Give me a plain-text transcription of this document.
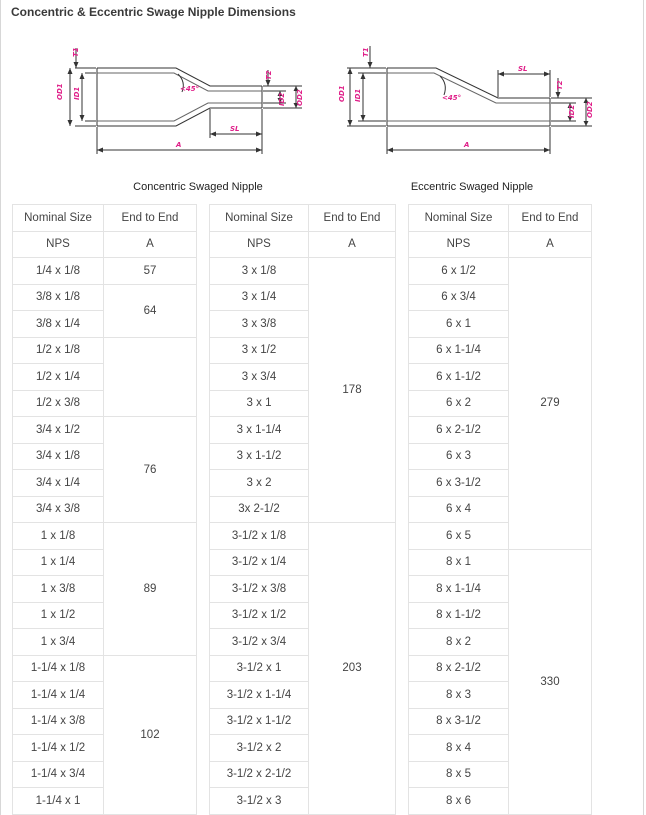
Concentric & Eccentric Swage Nipple Dimensions
OD1 ID1
T1
T2
ID2 OD2
<45°
SL
A
OD1 ID1
T1
T2
ID2 OD2
<45°
SL
A
Concentric Swaged Nipple	Eccentric Swaged Nipple
Nominal Size	End to End		Nominal Size	End to End		Nominal Size	End to End
NPS	A		NPS	A		NPS	A
1/4 x 1/8	57		3 x 1/8	178		6 x 1/2	279
3/8 x 1/8	64		3 x 1/4			6 x 3/4	
3/8 x 1/4			3 x 3/8			6 x 1	
1/2 x 1/8			3 x 1/2			6 x 1-1/4	
1/2 x 1/4			3 x 3/4			6 x 1-1/2	
1/2 x 3/8			3 x 1			6 x 2	
3/4 x 1/2	76		3 x 1-1/4			6 x 2-1/2	
3/4 x 1/8			3 x 1-1/2			6 x 3	
3/4 x 1/4			3 x 2			6 x 3-1/2	
3/4 x 3/8			3x 2-1/2			6 x 4	
1 x 1/8	89		3-1/2 x 1/8	203		6 x 5	
1 x 1/4			3-1/2 x 1/4			8 x 1	330
1 x 3/8			3-1/2 x 3/8			8 x 1-1/4	
1 x 1/2			3-1/2 x 1/2			8 x 1-1/2	
1 x 3/4			3-1/2 x 3/4			8 x 2	
1-1/4 x 1/8	102		3-1/2 x 1			8 x 2-1/2	
1-1/4 x 1/4			3-1/2 x 1-1/4			8 x 3	
1-1/4 x 3/8			3-1/2 x 1-1/2			8 x 3-1/2	
1-1/4 x 1/2			3-1/2 x 2			8 x 4	
1-1/4 x 3/4			3-1/2 x 2-1/2			8 x 5	
1-1/4 x 1			3-1/2 x 3			8 x 6	
